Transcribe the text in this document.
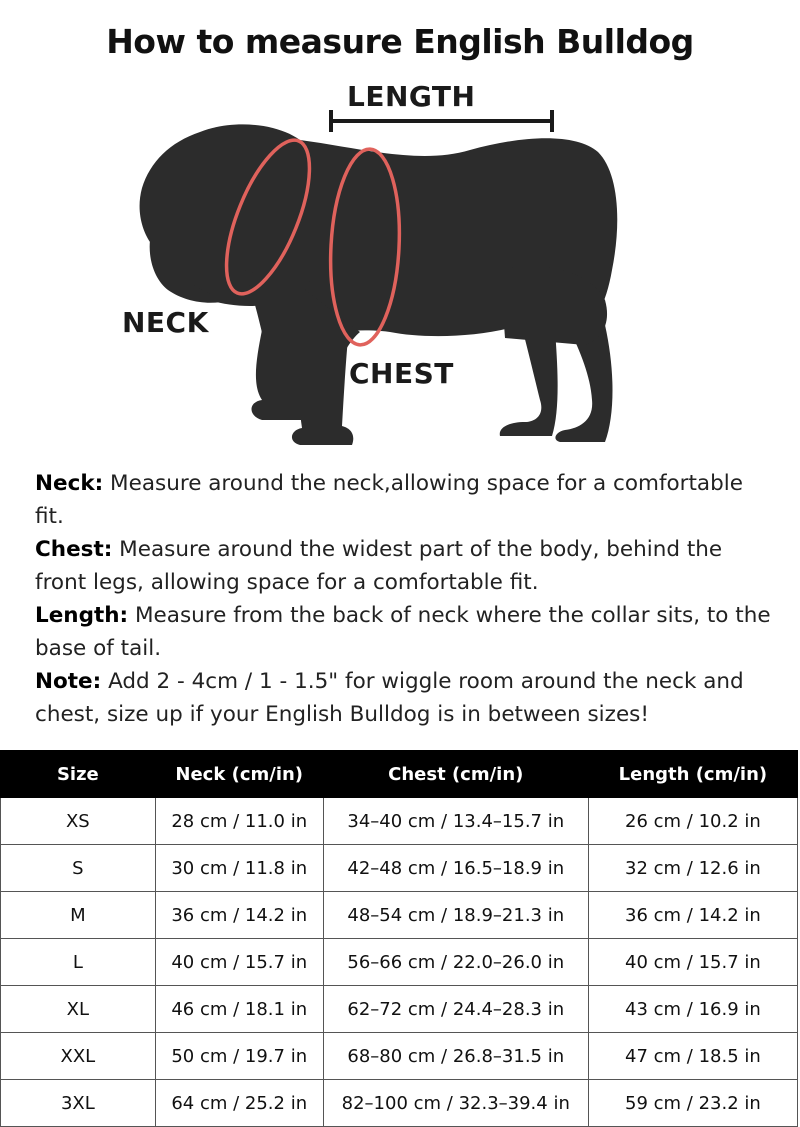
How to measure English Bulldog
LENGTH
NECK
CHEST

Neck: Measure around the neck,allowing space for a comfortable fit.

Chest: Measure around the widest part of the body, behind the front legs, allowing space for a comfortable fit.

Length: Measure from the back of neck where the collar sits, to the base of tail.

Note: Add 2 - 4cm / 1 - 1.5" for wiggle room around the neck and chest, size up if your English Bulldog is in between sizes!

Size	Neck (cm/in)	Chest (cm/in)	Length (cm/in)
XS	28 cm / 11.0 in	34–40 cm / 13.4–15.7 in	26 cm / 10.2 in
S	30 cm / 11.8 in	42–48 cm / 16.5–18.9 in	32 cm / 12.6 in
M	36 cm / 14.2 in	48–54 cm / 18.9–21.3 in	36 cm / 14.2 in
L	40 cm / 15.7 in	56–66 cm / 22.0–26.0 in	40 cm / 15.7 in
XL	46 cm / 18.1 in	62–72 cm / 24.4–28.3 in	43 cm / 16.9 in
XXL	50 cm / 19.7 in	68–80 cm / 26.8–31.5 in	47 cm / 18.5 in
3XL	64 cm / 25.2 in	82–100 cm / 32.3–39.4 in	59 cm / 23.2 in
